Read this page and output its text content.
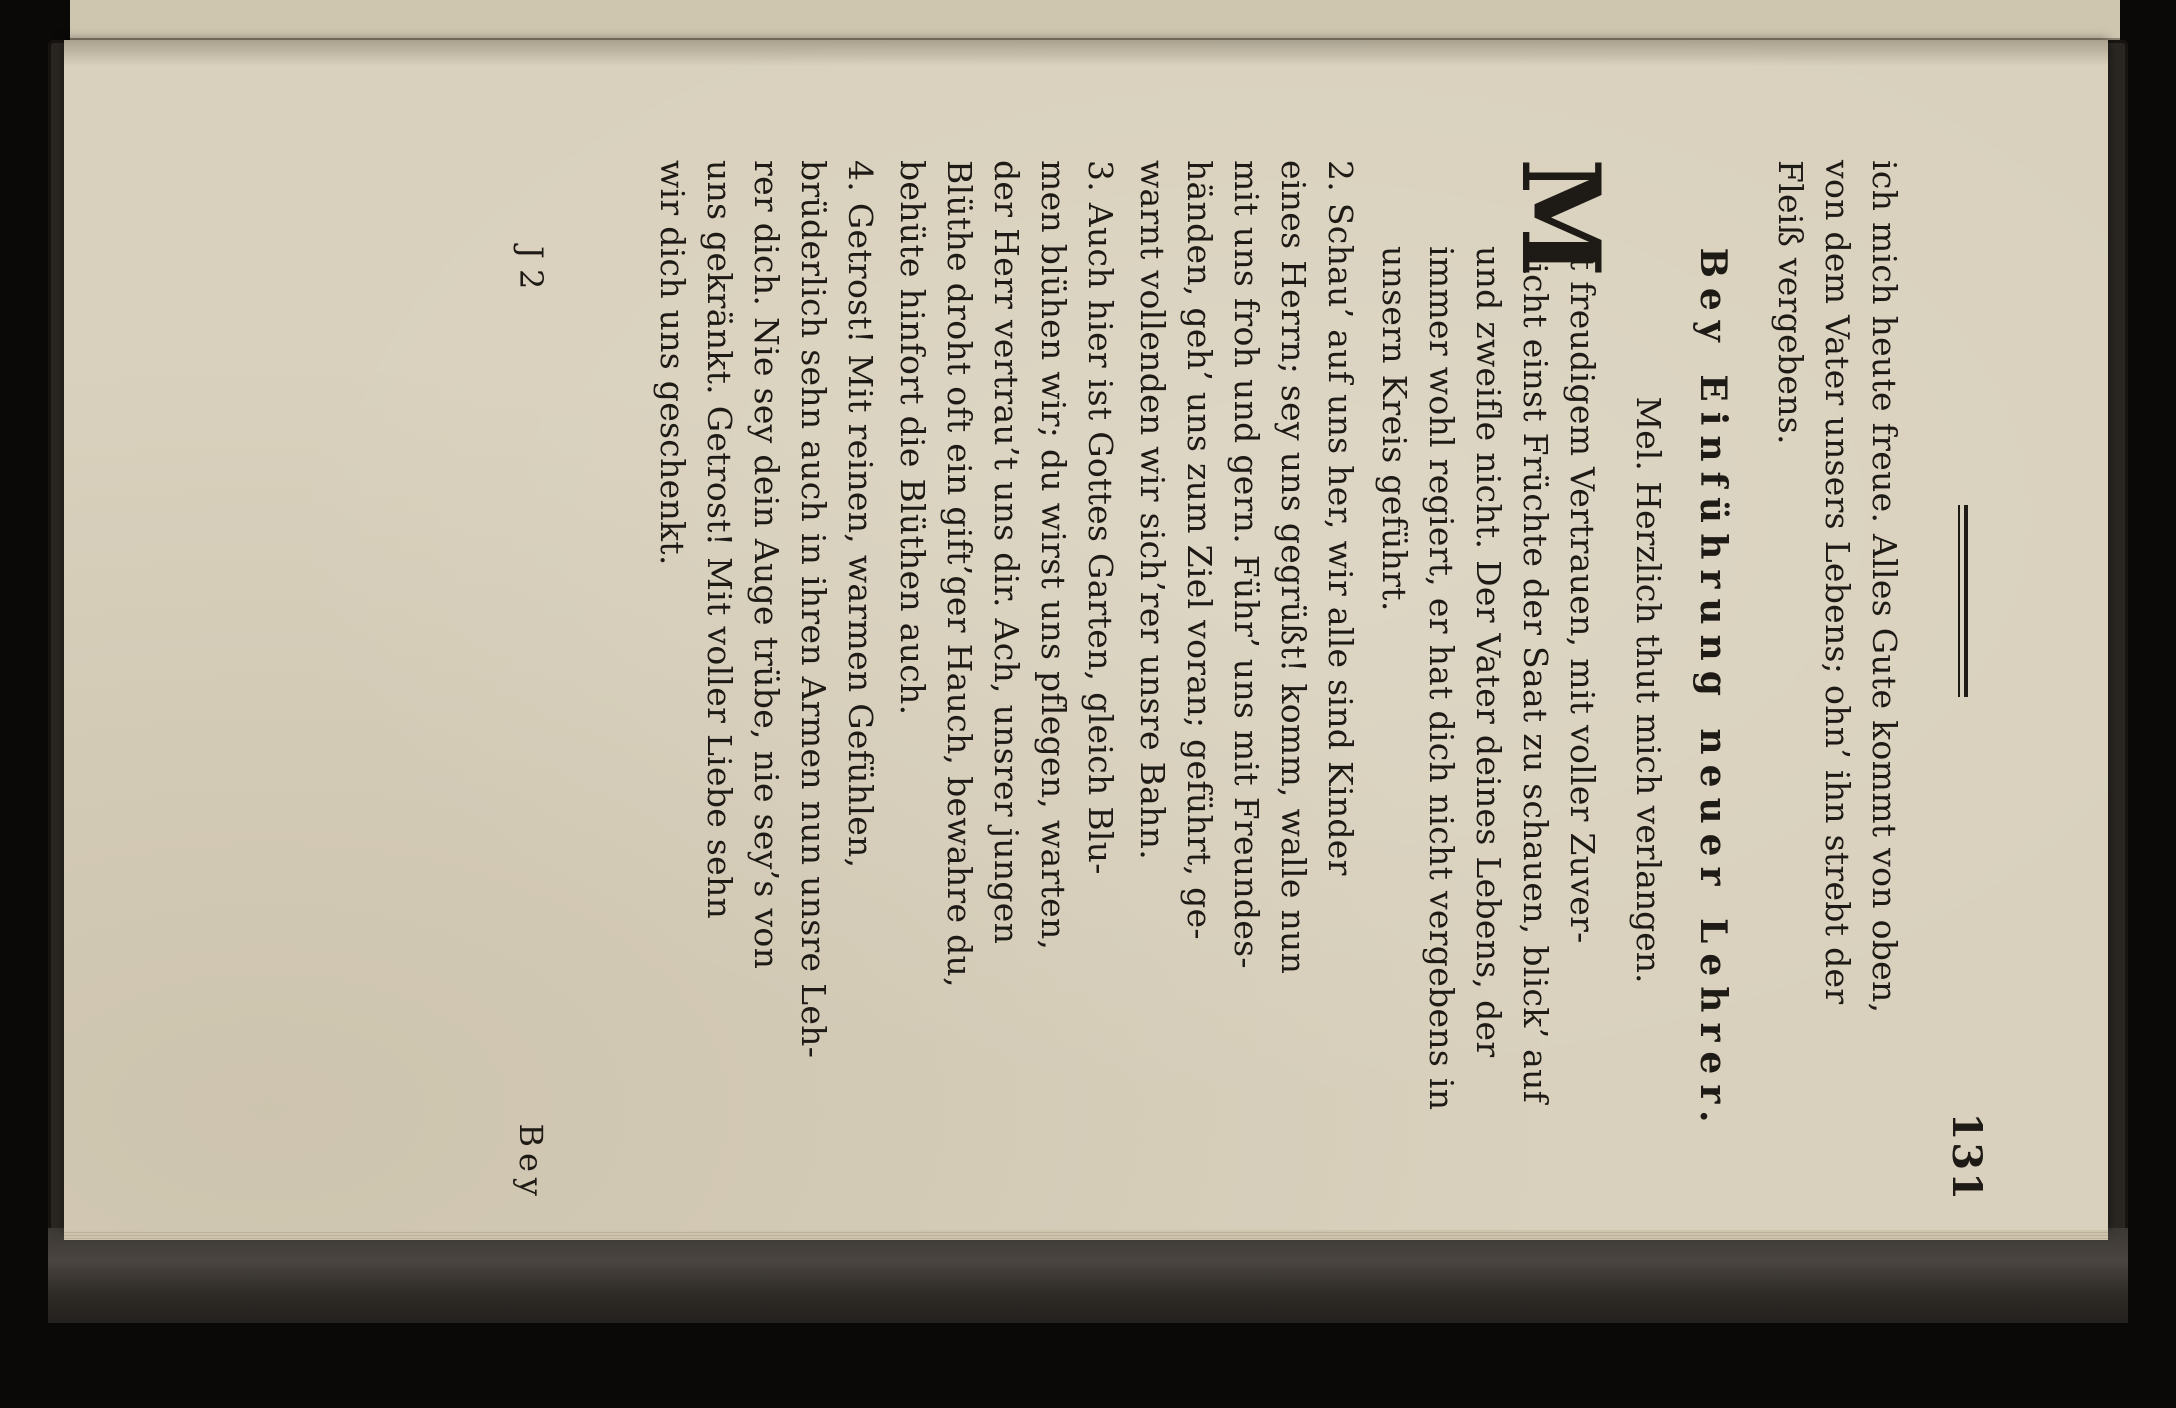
131
ich mich heute freue. Alles Gute kommt von oben,
von dem Vater unsers Lebens; ohn’ ihn strebt der
Fleiß vergebens.
Bey Einführung neuer Lehrer.
Mel. Herzlich thut mich verlangen.
M
it freudigem Vertrauen, mit voller Zuver-
sicht einst Früchte der Saat zu schauen, blick’ auf
und zweifle nicht. Der Vater deines Lebens, der
immer wohl regiert, er hat dich nicht vergebens in
unsern Kreis geführt.
2. Schau’ auf uns her, wir alle sind Kinder
eines Herrn; sey uns gegrüßt! komm, walle nun
mit uns froh und gern. Führ’ uns mit Freundes-
händen, geh’ uns zum Ziel voran; geführt, ge-
warnt vollenden wir sich’rer unsre Bahn.
3. Auch hier ist Gottes Garten, gleich Blu-
men blühen wir; du wirst uns pflegen, warten,
der Herr vertrau’t uns dir. Ach, unsrer jungen
Blüthe droht oft ein gift’ger Hauch, bewahre du,
behüte hinfort die Blüthen auch.
4. Getrost! Mit reinen, warmen Gefühlen,
brüderlich sehn auch in ihren Armen nun unsre Leh-
rer dich. Nie sey dein Auge trübe, nie sey’s von
uns gekränkt. Getrost! Mit voller Liebe sehn
wir dich uns geschenkt.
J 2
Bey
